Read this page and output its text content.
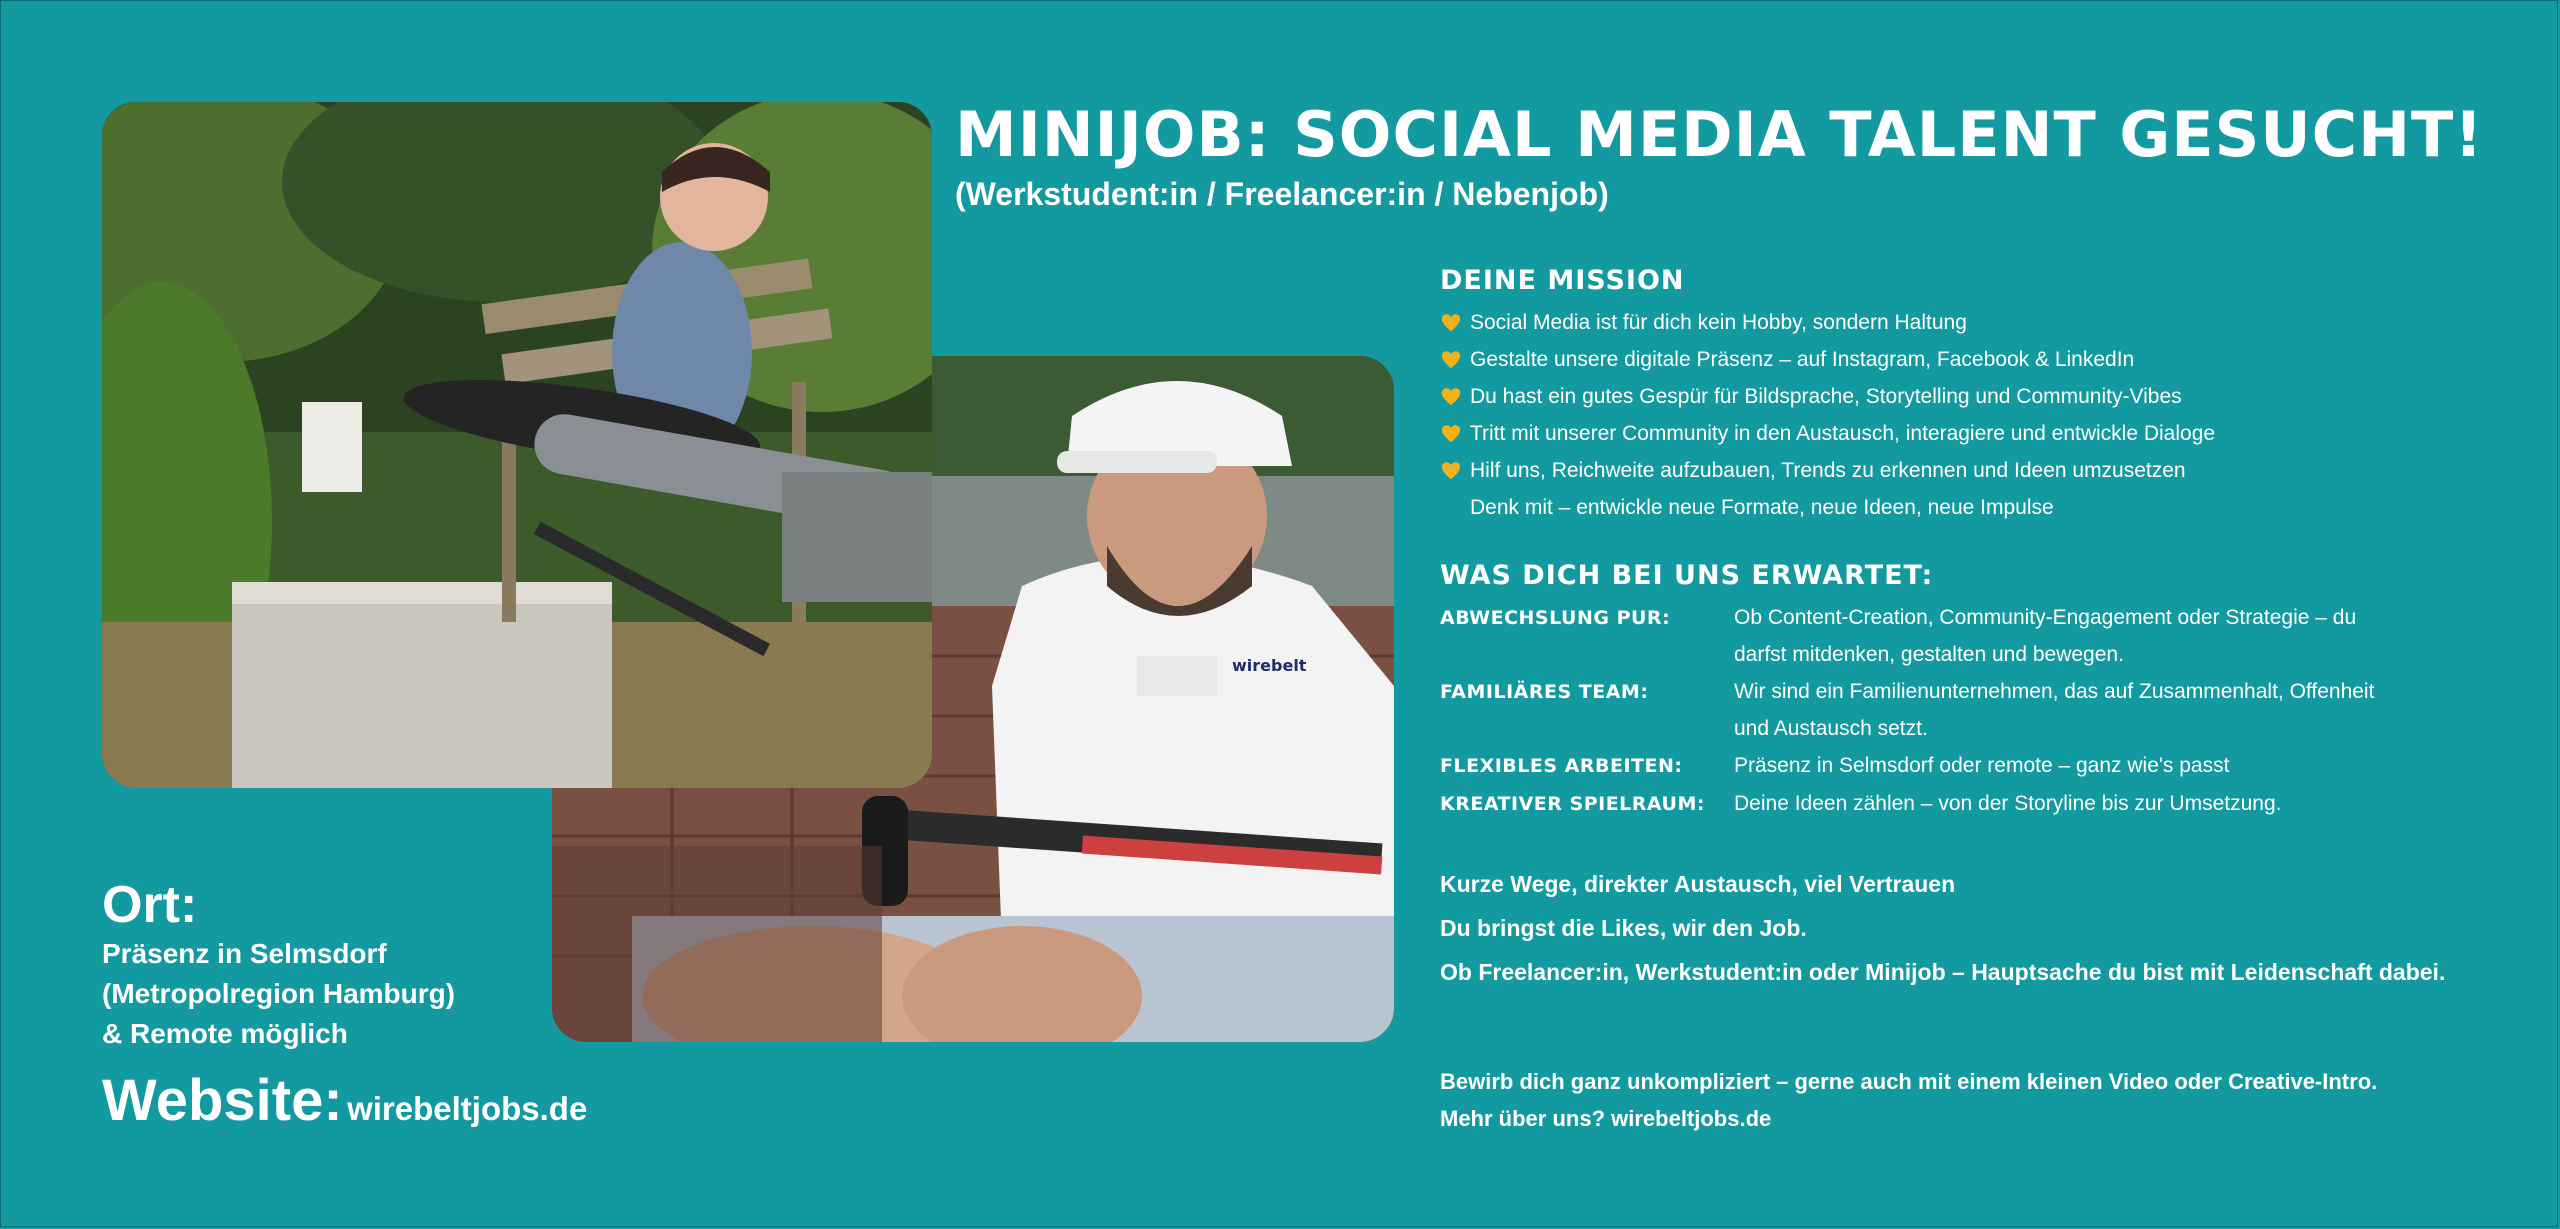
wirebelt
MINIJOB: SOCIAL MEDIA TALENT GESUCHT!
(Werkstudent:in / Freelancer:in / Nebenjob)
DEINE MISSION
Social Media ist für dich kein Hobby, sondern Haltung
Gestalte unsere digitale Präsenz – auf Instagram, Facebook & LinkedIn
Du hast ein gutes Gespür für Bildsprache, Storytelling und Community-Vibes
Tritt mit unserer Community in den Austausch, interagiere und entwickle Dialoge
Hilf uns, Reichweite aufzubauen, Trends zu erkennen und Ideen umzusetzen
Denk mit – entwickle neue Formate, neue Ideen, neue Impulse
WAS DICH BEI UNS ERWARTET:
ABWECHSLUNG PUR:	Ob Content-Creation, Community-Engagement oder Strategie – du darfst mitdenken, gestalten und bewegen.
FAMILIÄRES TEAM:	Wir sind ein Familienunternehmen, das auf Zusammenhalt, Offenheit und Austausch setzt.
FLEXIBLES ARBEITEN:	Präsenz in Selmsdorf oder remote – ganz wie's passt
KREATIVER SPIELRAUM:	Deine Ideen zählen – von der Storyline bis zur Umsetzung.

Kurze Wege, direkter Austausch, viel Vertrauen

Du bringst die Likes, wir den Job.

Ob Freelancer:in, Werkstudent:in oder Minijob – Hauptsache du bist mit Leidenschaft dabei.

Bewirb dich ganz unkompliziert – gerne auch mit einem kleinen Video oder Creative-Intro.

Mehr über uns? wirebeltjobs.de

Ort:
Präsenz in Selmsdorf
(Metropolregion Hamburg)
& Remote möglich
Website: wirebeltjobs.de
